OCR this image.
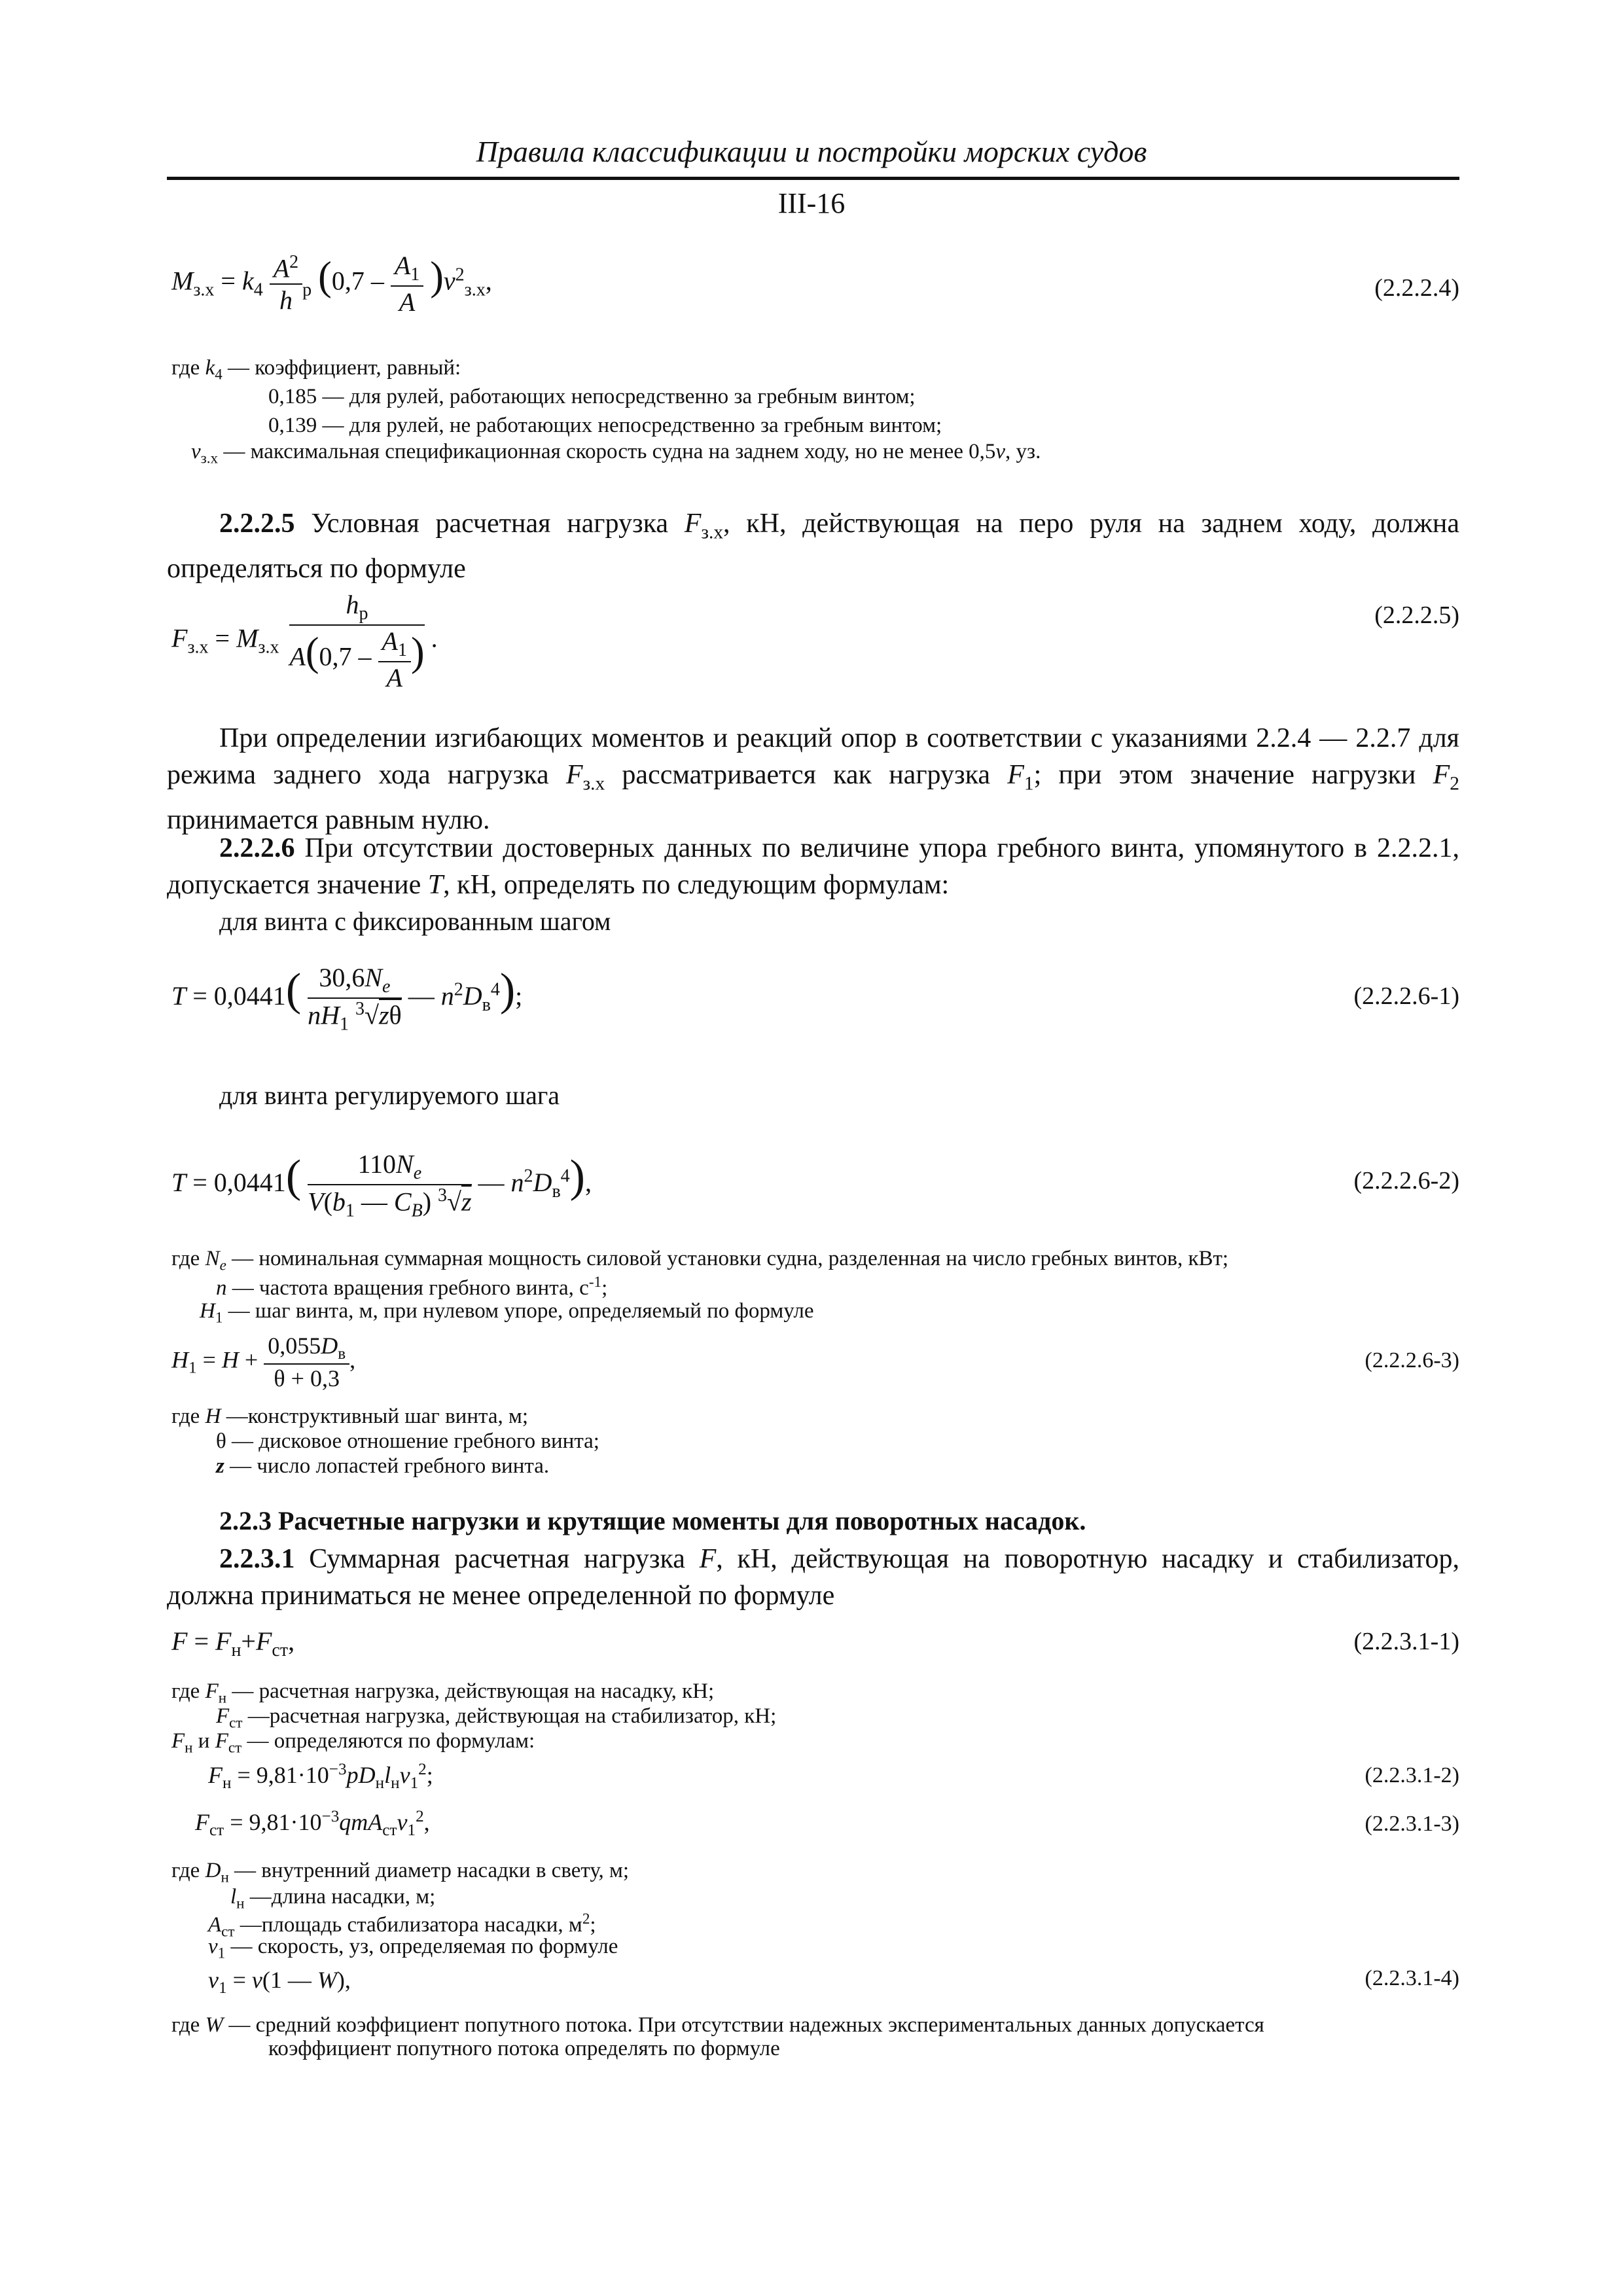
Правила классификации и постройки морских судов
III-16
$M_{з.х} = k_4 \frac{A^2}{h} _р$ $(0,7 - \frac{A_1}{A} )v^2_{з.х}$,	(2.2.2.4)
где $k_4$ — коэффициент, равный:
0,185 — для рулей, работающих непосредственно за гребным винтом;
0,139 — для рулей, не работающих непосредственно за гребным винтом;
$v_{з.х}$ — максимальная спецификационная скорость судна на заднем ходу, но не менее 0,5v, уз.
2.2.2.5 Условная расчетная нагрузка $F_{з.х}$, кН, действующая на перо руля на заднем ходу, должна определяться по формуле
$F_{з.х} = M_{з.х} \frac{h_р}{A(0,7 - \frac{A_1}{A} )}$ .
(2.2.2.5)
При определении изгибающих моментов и реакций опор в соответствии с указаниями 2.2.4 — 2.2.7 для режима заднего хода нагрузка $F_{з.х}$ рассматривается как нагрузка $F_1$; при этом значение нагрузки $F_2$ принимается равным нулю.
2.2.2.6 При отсутствии достоверных данных по величине упора гребного винта, упомянутого в 2.2.2.1, допускается значение T, кН, определять по следующим формулам:
для винта с фиксированным шагом
$T = 0,0441( \frac{30,6N_e}{nH_1 ^3√z\theta}$ — $n^2D_в^4$);	(2.2.2.6-1)
для винта регулируемого шага
$T = 0,0441( \frac{110N_e}{V(b_1 — C_B) ^3√z}$ — $n^2D_в^4$),	(2.2.2.6-2)
где $N_e$ — номинальная суммарная мощность силовой установки судна, разделенная на число гребных винтов, кВт;
n — частота вращения гребного винта, $с^{-1}$;
$H_1$ — шаг винта, м, при нулевом упоре, определяемый по формуле
$H_1 = H + \frac{0,055D_в}{\theta + 0,3}$ ,	(2.2.2.6-3)
где H —конструктивный шаг винта, м;
θ — дисковое отношение гребного винта;
z — число лопастей гребного винта.
2.2.3 Расчетные нагрузки и крутящие моменты для поворотных насадок.
2.2.3.1 Суммарная расчетная нагрузка F, кН, действующая на поворотную насадку и стабилизатор, должна приниматься не менее определенной по формуле
$F = F_н+F_{ст}$,	(2.2.3.1-1)
где $F_н$ — расчетная нагрузка, действующая на насадку, кН;
$F_{ст}$ —расчетная нагрузка, действующая на стабилизатор, кН;
$F_н$ и $F_{ст}$ — определяются по формулам:
$F_н = 9,81\cdot 10^{-3}pD_нl_нv_1^2$;	(2.2.3.1-2)
$F_{ст} = 9,81\cdot 10^{-3}qmA_{ст}v_1^2$,	(2.2.3.1-3)
где $D_н$ — внутренний диаметр насадки в свету, м;
$l_н$ —длина насадки, м;
$A_{ст}$ —площадь стабилизатора насадки, $м^2$;
$v_1$ — скорость, уз, определяемая по формуле
$v_1 = v(1$ — W),	(2.2.3.1-4)
где W — средний коэффициент попутного потока. При отсутствии надежных экспериментальных данных допускается
коэффициент попутного потока определять по формуле
